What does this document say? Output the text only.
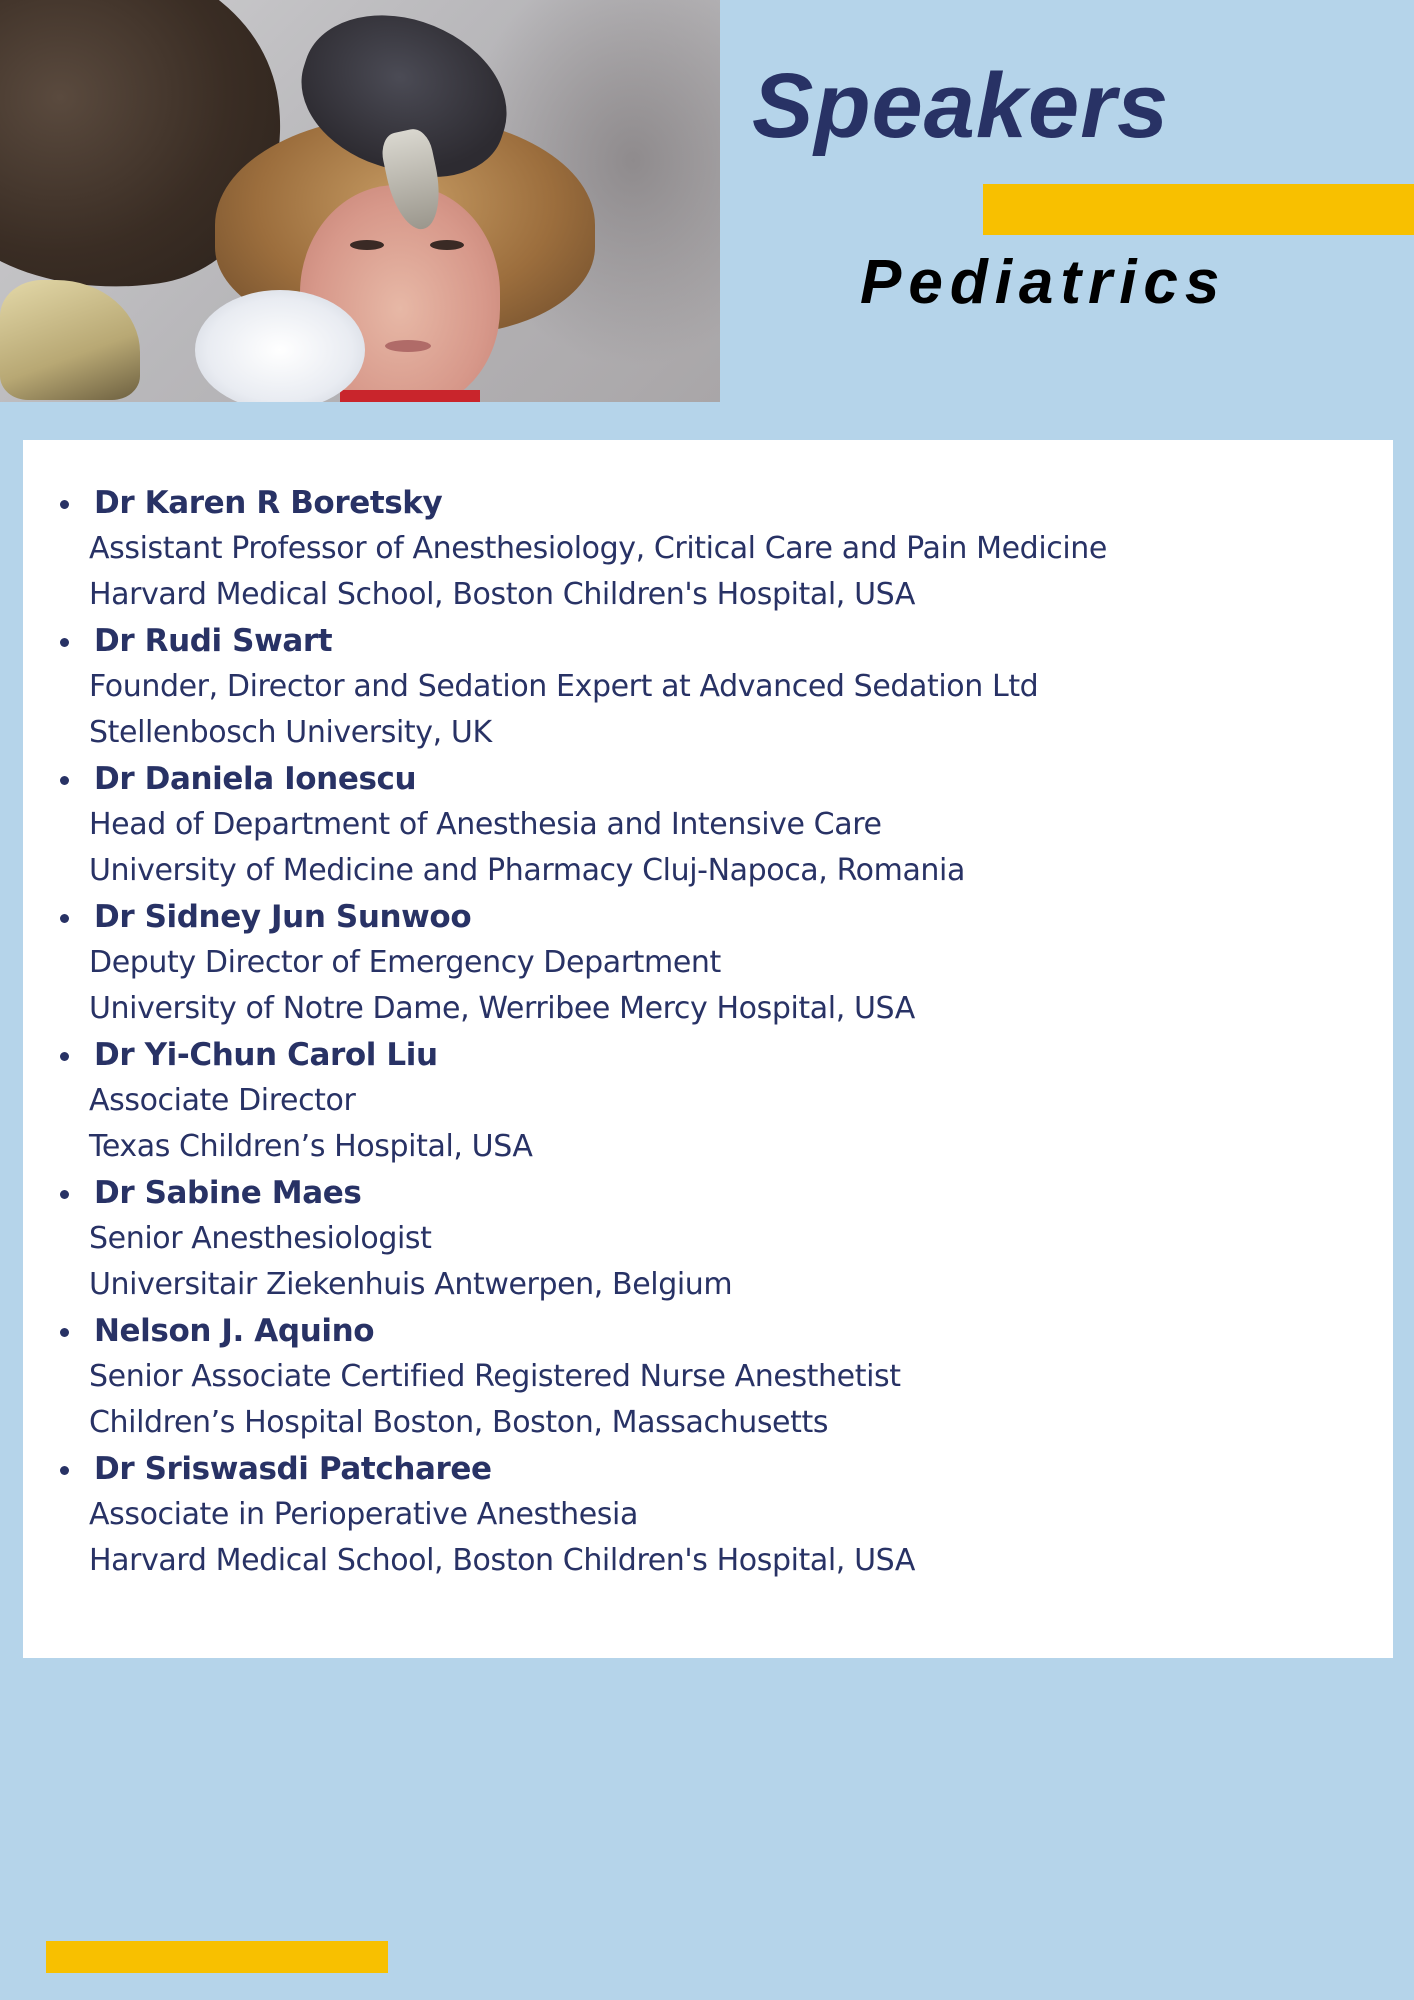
Speakers
Pediatrics
Dr Karen R Boretsky
Assistant Professor of Anesthesiology, Critical Care and Pain Medicine
Harvard Medical School, Boston Children's Hospital, USA
Dr Rudi Swart
Founder, Director and Sedation Expert at Advanced Sedation Ltd
Stellenbosch University, UK
Dr Daniela Ionescu
Head of Department of Anesthesia and Intensive Care
University of Medicine and Pharmacy Cluj-Napoca, Romania
Dr Sidney Jun Sunwoo
Deputy Director of Emergency Department
University of Notre Dame, Werribee Mercy Hospital, USA
Dr Yi-Chun Carol Liu
Associate Director
Texas Children’s Hospital, USA
Dr Sabine Maes
Senior Anesthesiologist
Universitair Ziekenhuis Antwerpen, Belgium
Nelson J. Aquino
Senior Associate Certified Registered Nurse Anesthetist
Children’s Hospital Boston, Boston, Massachusetts
Dr Sriswasdi Patcharee
Associate in Perioperative Anesthesia
Harvard Medical School, Boston Children's Hospital, USA
